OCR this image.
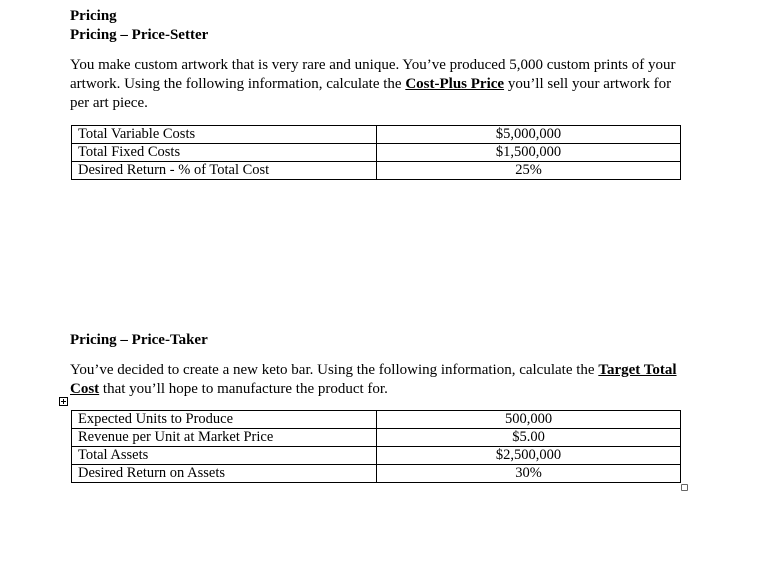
Pricing
Pricing – Price-Setter
You make custom artwork that is very rare and unique. You’ve produced 5,000 custom prints of your artwork. Using the following information, calculate the Cost-Plus Price you’ll sell your artwork for per art piece.
Total Variable Costs	$5,000,000
Total Fixed Costs	$1,500,000
Desired Return - % of Total Cost	25%
Pricing – Price-Taker
You’ve decided to create a new keto bar. Using the following information, calculate the Target Total Cost that you’ll hope to manufacture the product for.
Expected Units to Produce	500,000
Revenue per Unit at Market Price	$5.00
Total Assets	$2,500,000
Desired Return on Assets	30%
